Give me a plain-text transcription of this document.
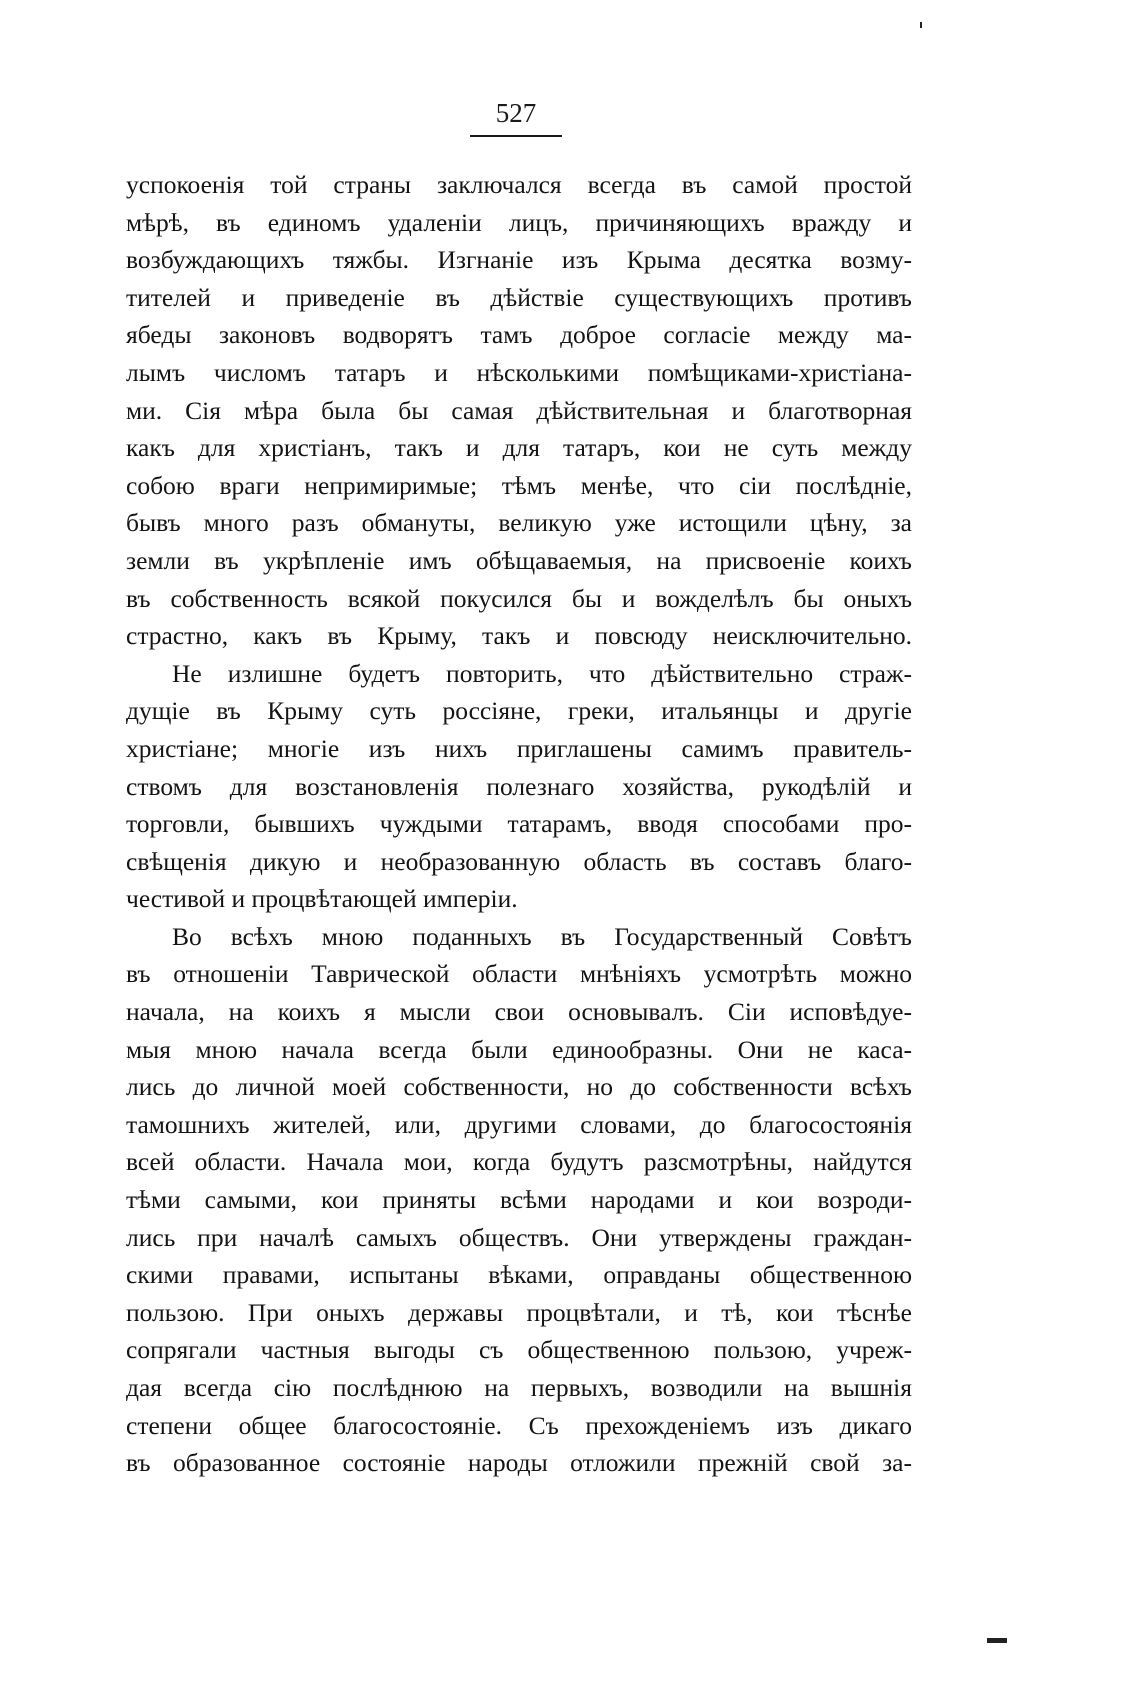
527
успокоенія той страны заключался всегда въ самой простой
мѣрѣ, въ единомъ удаленіи лицъ, причиняющихъ вражду и
возбуждающихъ тяжбы. Изгнаніе изъ Крыма десятка возму-
тителей и приведеніе въ дѣйствіе существующихъ противъ
ябеды законовъ водворятъ тамъ доброе согласіе между ма-
лымъ числомъ татаръ и нѣсколькими помѣщиками-христіана-
ми. Сія мѣра была бы самая дѣйствительная и благотворная
какъ для христіанъ, такъ и для татаръ, кои не суть между
собою враги непримиримые; тѣмъ менѣе, что сіи послѣдніе,
бывъ много разъ обмануты, великую уже истощили цѣну, за
земли въ укрѣпленіе имъ обѣщаваемыя, на присвоеніе коихъ
въ собственность всякой покусился бы и вожделѣлъ бы оныхъ
страстно, какъ въ Крыму, такъ и повсюду неисключительно.
Не излишне будетъ повторить, что дѣйствительно страж-
дущіе въ Крыму суть россіяне, греки, итальянцы и другіе
христіане; многіе изъ нихъ приглашены самимъ правитель-
ствомъ для возстановленія полезнаго хозяйства, рукодѣлій и
торговли, бывшихъ чуждыми татарамъ, вводя способами про-
свѣщенія дикую и необразованную область въ составъ благо-
честивой и процвѣтающей имперіи.
Во всѣхъ мною поданныхъ въ Государственный Совѣтъ
въ отношеніи Таврической области мнѣніяхъ усмотрѣть можно
начала, на коихъ я мысли свои основывалъ. Сіи исповѣдуе-
мыя мною начала всегда были единообразны. Они не каса-
лись до личной моей собственности, но до собственности всѣхъ
тамошнихъ жителей, или, другими словами, до благосостоянія
всей области. Начала мои, когда будутъ разсмотрѣны, найдутся
тѣми самыми, кои приняты всѣми народами и кои возроди-
лись при началѣ самыхъ обществъ. Они утверждены граждан-
скими правами, испытаны вѣками, оправданы общественною
пользою. При оныхъ державы процвѣтали, и тѣ, кои тѣснѣе
сопрягали частныя выгоды съ общественною пользою, учреж-
дая всегда сію послѣднюю на первыхъ, возводили на вышнія
степени общее благосостояніе. Съ прехожденіемъ изъ дикаго
въ образованное состояніе народы отложили прежній свой за-
